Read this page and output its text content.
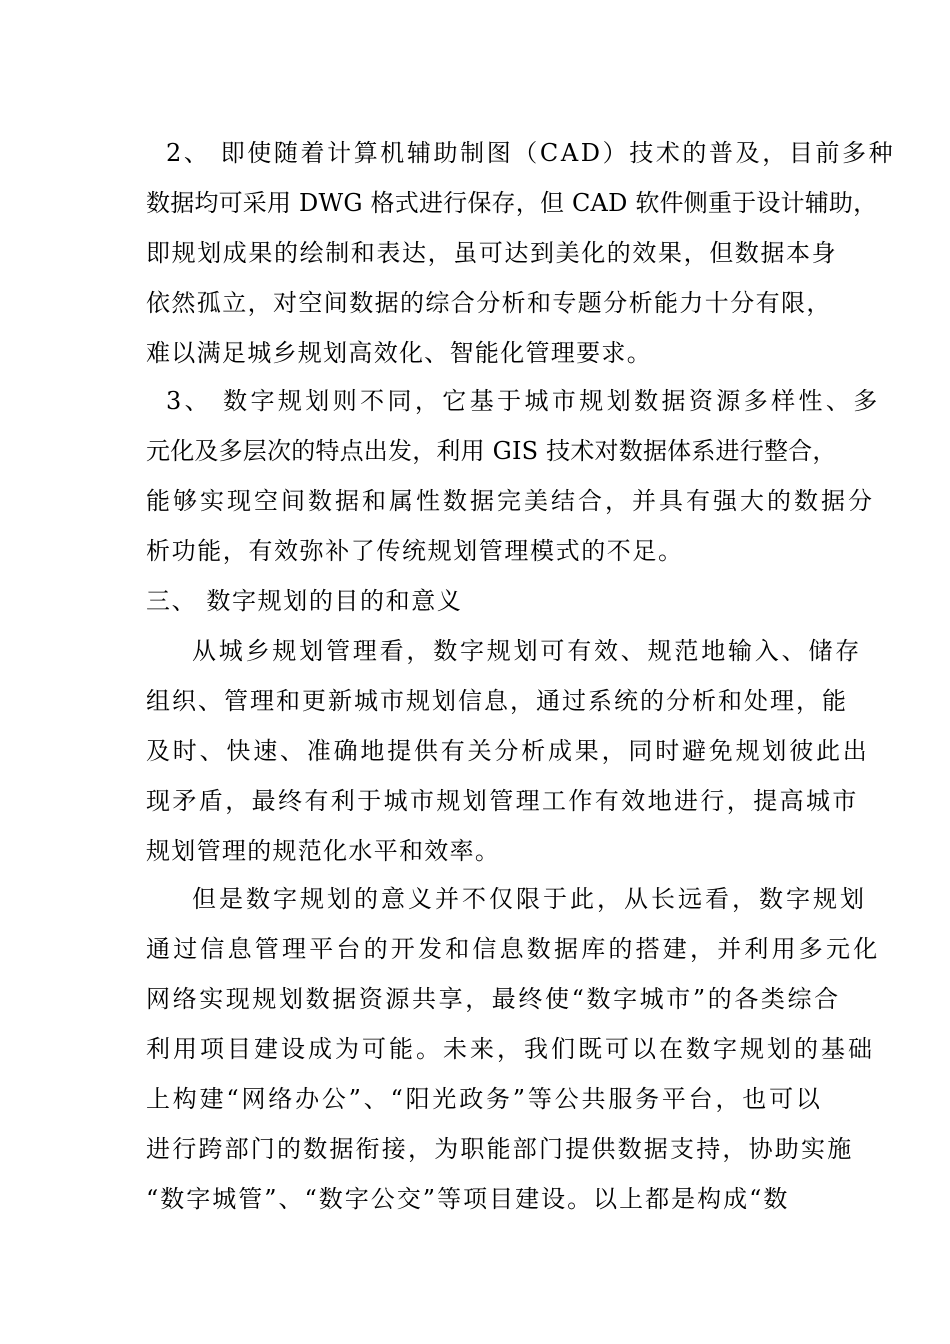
2、 即使随着计算机辅助制图（CAD）技术的普及，目前多种
数据均可采用 DWG 格式进行保存，但 CAD 软件侧重于设计辅助，
即规划成果的绘制和表达，虽可达到美化的效果，但数据本身
依然孤立，对空间数据的综合分析和专题分析能力十分有限，
难以满足城乡规划高效化、智能化管理要求。
3、 数字规划则不同，它基于城市规划数据资源多样性、多
元化及多层次的特点出发，利用 GIS 技术对数据体系进行整合，
能够实现空间数据和属性数据完美结合，并具有强大的数据分
析功能，有效弥补了传统规划管理模式的不足。
三、 数字规划的目的和意义
从城乡规划管理看，数字规划可有效、规范地输入、储存
组织、管理和更新城市规划信息，通过系统的分析和处理，能
及时、快速、准确地提供有关分析成果，同时避免规划彼此出
现矛盾，最终有利于城市规划管理工作有效地进行，提高城市
规划管理的规范化水平和效率。
但是数字规划的意义并不仅限于此，从长远看，数字规划
通过信息管理平台的开发和信息数据库的搭建，并利用多元化
网络实现规划数据资源共享，最终使“数字城市”的各类综合
利用项目建设成为可能。未来，我们既可以在数字规划的基础
上构建“网络办公”、“阳光政务”等公共服务平台，也可以
进行跨部门的数据衔接，为职能部门提供数据支持，协助实施
“数字城管”、“数字公交”等项目建设。以上都是构成“数
